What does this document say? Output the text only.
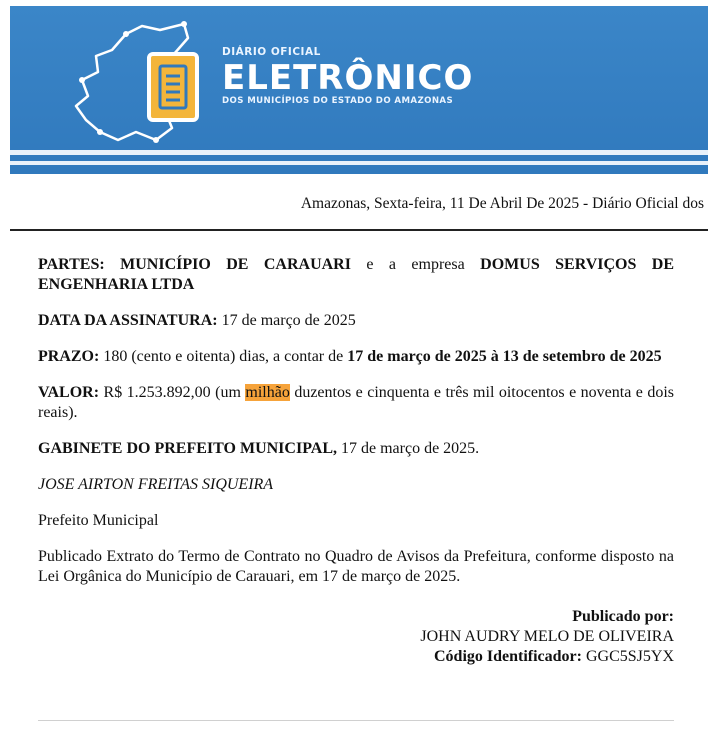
DIÁRIO OFICIAL
ELETRÔNICO
DOS MUNICÍPIOS DO ESTADO DO AMAZONAS
Amazonas, Sexta-feira, 11 De Abril De 2025 - Diário Oficial dos

PARTES: MUNICÍPIO DE CARAUARI e a empresa DOMUS SERVIÇOS DE ENGENHARIA LTDA

DATA DA ASSINATURA: 17 de março de 2025

PRAZO: 180 (cento e oitenta) dias, a contar de 17 de março de 2025 à 13 de setembro de 2025

VALOR: R$ 1.253.892,00 (um milhão duzentos e cinquenta e três mil oitocentos e noventa e dois reais).

GABINETE DO PREFEITO MUNICIPAL, 17 de março de 2025.

JOSE AIRTON FREITAS SIQUEIRA

Prefeito Municipal

Publicado Extrato do Termo de Contrato no Quadro de Avisos da Prefeitura, conforme disposto na Lei Orgânica do Município de Carauari, em 17 de março de 2025.

Publicado por:

JOHN AUDRY MELO DE OLIVEIRA

Código Identificador: GGC5SJ5YX
